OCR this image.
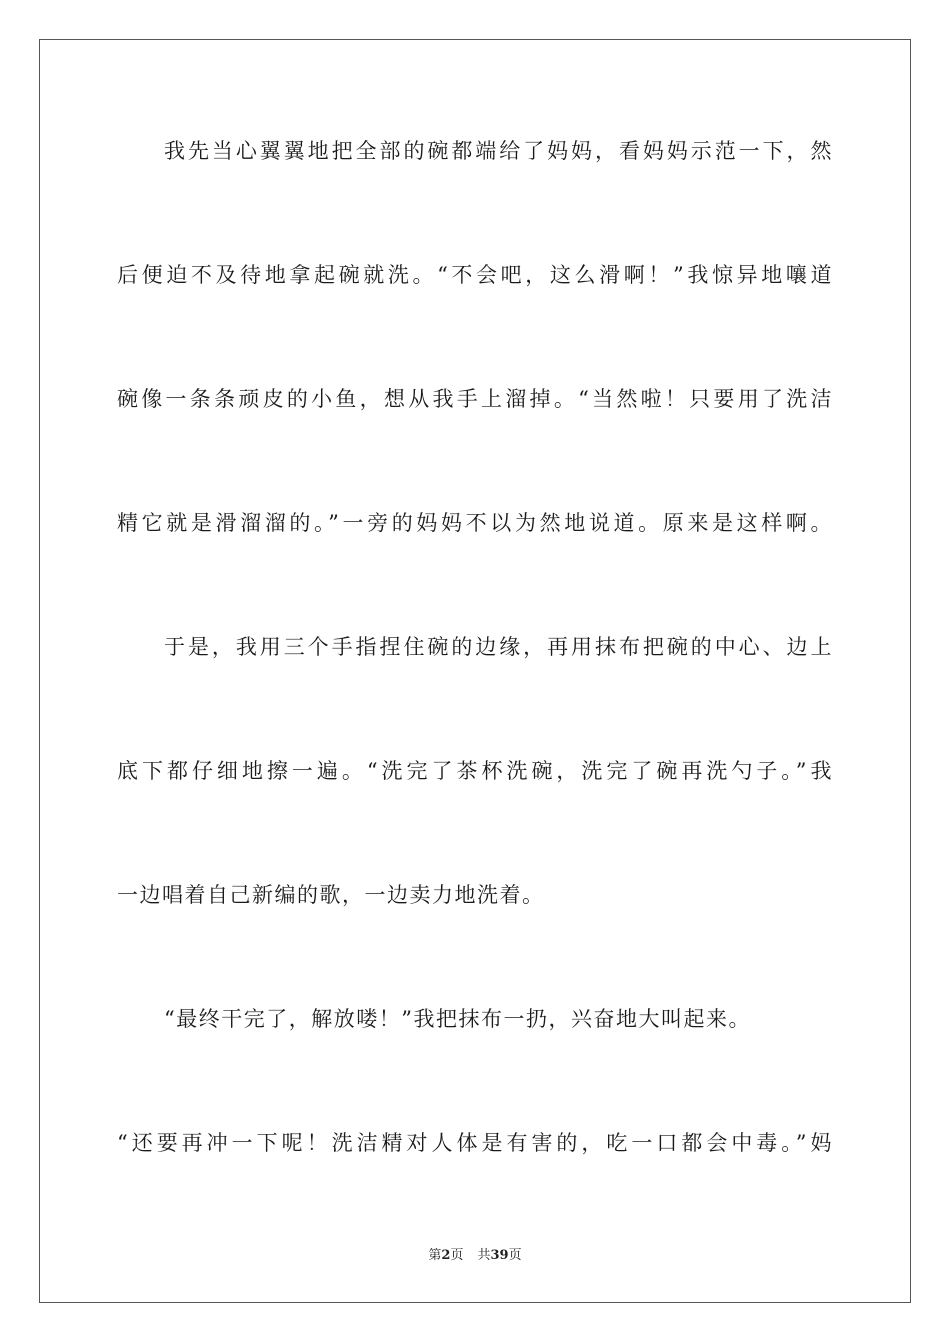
我先当心翼翼地把全部的碗都端给了妈妈，看妈妈示范一下，然
后便迫不及待地拿起碗就洗。“不会吧，这么滑啊！”我惊异地嚷道
碗像一条条顽皮的小鱼，想从我手上溜掉。“当然啦！只要用了洗洁
精它就是滑溜溜的。”一旁的妈妈不以为然地说道。原来是这样啊。
于是，我用三个手指捏住碗的边缘，再用抹布把碗的中心、边上
底下都仔细地擦一遍。“洗完了茶杯洗碗，洗完了碗再洗勺子。”我
一边唱着自己新编的歌，一边卖力地洗着。
“最终干完了，解放喽！”我把抹布一扔，兴奋地大叫起来。
“还要再冲一下呢！洗洁精对人体是有害的，吃一口都会中毒。”妈
第2页 共39页
